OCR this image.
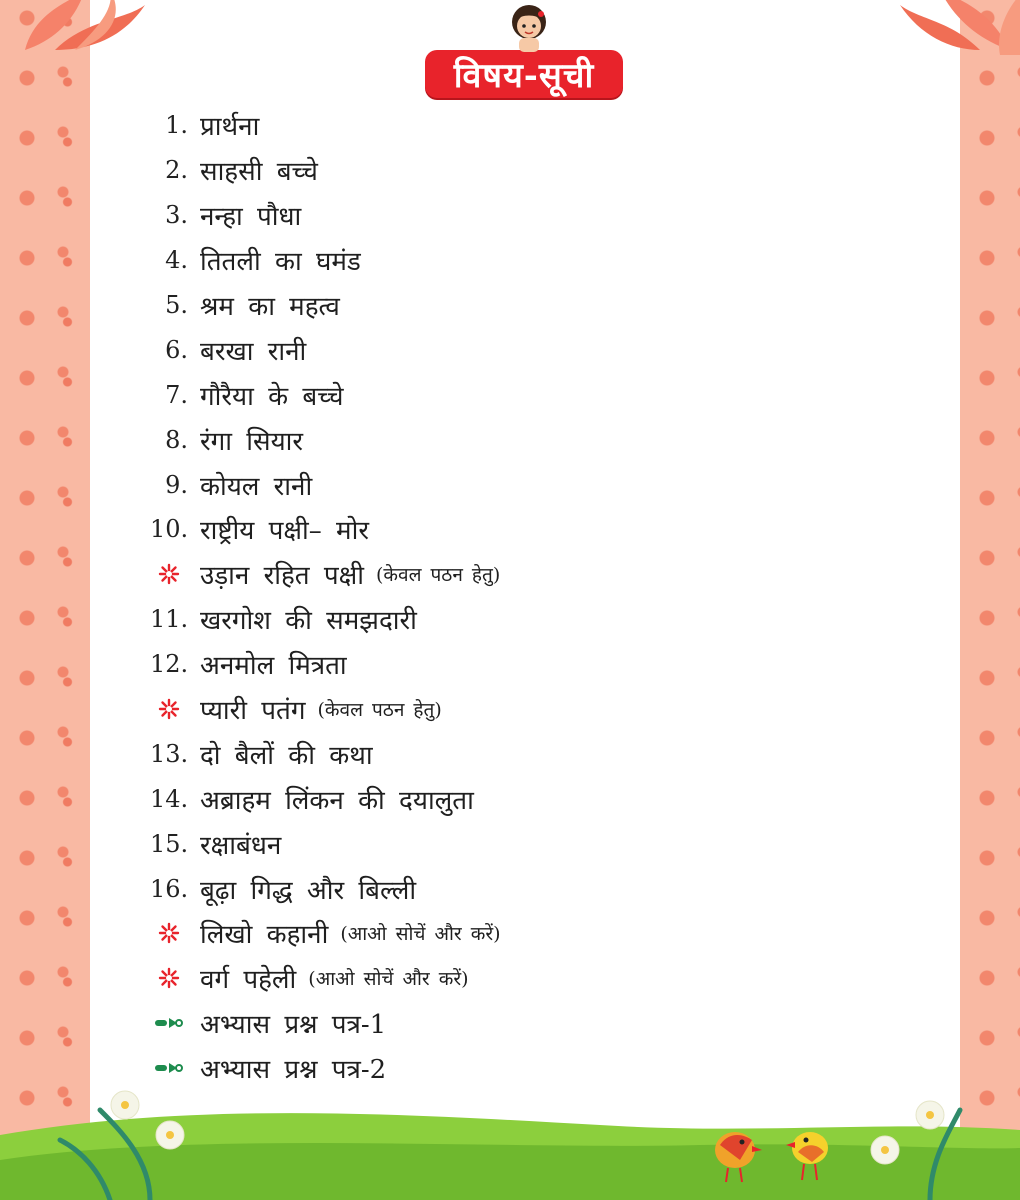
विषय-सूची
1. प्रार्थना
2. साहसी बच्चे
3. नन्हा पौधा
4. तितली का घमंड
5. श्रम का महत्व
6. बरखा रानी
7. गौरैया के बच्चे
8. रंगा सियार
9. कोयल रानी
10. राष्ट्रीय पक्षी– मोर
उड़ान रहित पक्षी (केवल पठन हेतु)
11. खरगोश की समझदारी
12. अनमोल मित्रता
प्यारी पतंग (केवल पठन हेतु)
13. दो बैलों की कथा
14. अब्राहम लिंकन की दयालुता
15. रक्षाबंधन
16. बूढ़ा गिद्ध और बिल्ली
लिखो कहानी (आओ सोचें और करें)
वर्ग पहेली (आओ सोचें और करें)
अभ्यास प्रश्न पत्र-1
अभ्यास प्रश्न पत्र-2
